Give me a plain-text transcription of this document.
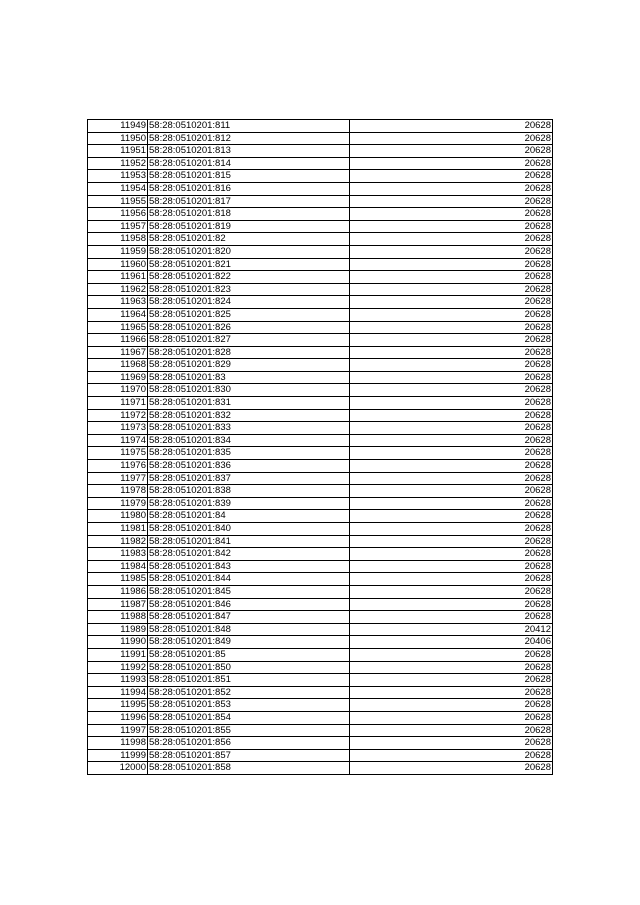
11949	58:28:0510201:811	20628
11950	58:28:0510201:812	20628
11951	58:28:0510201:813	20628
11952	58:28:0510201:814	20628
11953	58:28:0510201:815	20628
11954	58:28:0510201:816	20628
11955	58:28:0510201:817	20628
11956	58:28:0510201:818	20628
11957	58:28:0510201:819	20628
11958	58:28:0510201:82	20628
11959	58:28:0510201:820	20628
11960	58:28:0510201:821	20628
11961	58:28:0510201:822	20628
11962	58:28:0510201:823	20628
11963	58:28:0510201:824	20628
11964	58:28:0510201:825	20628
11965	58:28:0510201:826	20628
11966	58:28:0510201:827	20628
11967	58:28:0510201:828	20628
11968	58:28:0510201:829	20628
11969	58:28:0510201:83	20628
11970	58:28:0510201:830	20628
11971	58:28:0510201:831	20628
11972	58:28:0510201:832	20628
11973	58:28:0510201:833	20628
11974	58:28:0510201:834	20628
11975	58:28:0510201:835	20628
11976	58:28:0510201:836	20628
11977	58:28:0510201:837	20628
11978	58:28:0510201:838	20628
11979	58:28:0510201:839	20628
11980	58:28:0510201:84	20628
11981	58:28:0510201:840	20628
11982	58:28:0510201:841	20628
11983	58:28:0510201:842	20628
11984	58:28:0510201:843	20628
11985	58:28:0510201:844	20628
11986	58:28:0510201:845	20628
11987	58:28:0510201:846	20628
11988	58:28:0510201:847	20628
11989	58:28:0510201:848	20412
11990	58:28:0510201:849	20406
11991	58:28:0510201:85	20628
11992	58:28:0510201:850	20628
11993	58:28:0510201:851	20628
11994	58:28:0510201:852	20628
11995	58:28:0510201:853	20628
11996	58:28:0510201:854	20628
11997	58:28:0510201:855	20628
11998	58:28:0510201:856	20628
11999	58:28:0510201:857	20628
12000	58:28:0510201:858	20628
